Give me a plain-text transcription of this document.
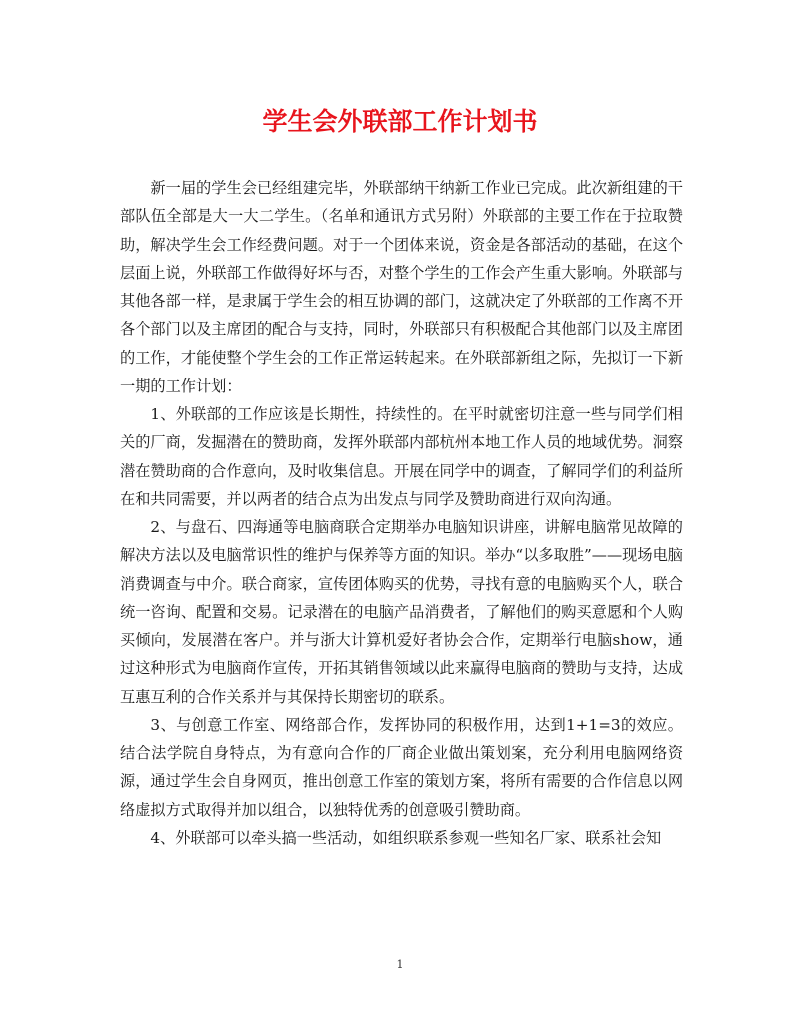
学生会外联部工作计划书

新一届的学生会已经组建完毕，外联部纳干纳新工作业已完成。此次新组建的干部队伍全部是大一大二学生。（名单和通讯方式另附）外联部的主要工作在于拉取赞助，解决学生会工作经费问题。对于一个团体来说，资金是各部活动的基础，在这个层面上说，外联部工作做得好坏与否，对整个学生的工作会产生重大影响。外联部与其他各部一样，是隶属于学生会的相互协调的部门，这就决定了外联部的工作离不开各个部门以及主席团的配合与支持，同时，外联部只有积极配合其他部门以及主席团的工作，才能使整个学生会的工作正常运转起来。在外联部新组之际，先拟订一下新一期的工作计划：

1、外联部的工作应该是长期性，持续性的。在平时就密切注意一些与同学们相关的厂商，发掘潜在的赞助商，发挥外联部内部杭州本地工作人员的地域优势。洞察潜在赞助商的合作意向，及时收集信息。开展在同学中的调查，了解同学们的利益所在和共同需要，并以两者的结合点为出发点与同学及赞助商进行双向沟通。

2、与盘石、四海通等电脑商联合定期举办电脑知识讲座，讲解电脑常见故障的解决方法以及电脑常识性的维护与保养等方面的知识。举办“以多取胜”——现场电脑消费调查与中介。联合商家，宣传团体购买的优势，寻找有意的电脑购买个人，联合统一咨询、配置和交易。记录潜在的电脑产品消费者，了解他们的购买意愿和个人购买倾向，发展潜在客户。并与浙大计算机爱好者协会合作，定期举行电脑show，通过这种形式为电脑商作宣传，开拓其销售领域以此来赢得电脑商的赞助与支持，达成互惠互利的合作关系并与其保持长期密切的联系。

3、与创意工作室、网络部合作，发挥协同的积极作用，达到1+1=3的效应。结合法学院自身特点，为有意向合作的厂商企业做出策划案，充分利用电脑网络资源，通过学生会自身网页，推出创意工作室的策划方案，将所有需要的合作信息以网络虚拟方式取得并加以组合，以独特优秀的创意吸引赞助商。

4、外联部可以牵头搞一些活动，如组织联系参观一些知名厂家、联系社会知

1
